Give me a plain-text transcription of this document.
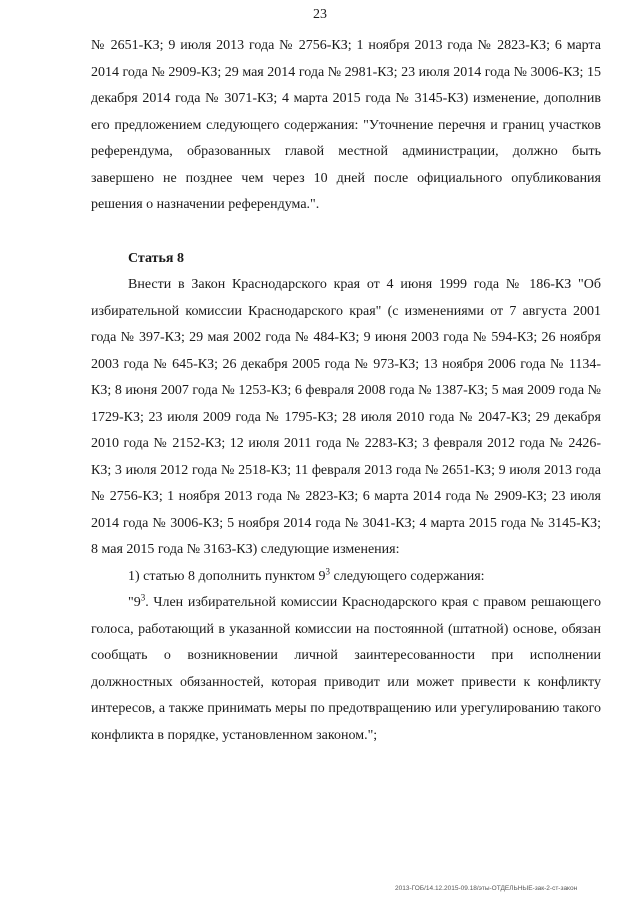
23

№ 2651-КЗ; 9 июля 2013 года № 2756-КЗ; 1 ноября 2013 года № 2823-КЗ; 6 марта 2014 года № 2909-КЗ; 29 мая 2014 года № 2981-КЗ; 23 июля 2014 года № 3006-КЗ; 15 декабря 2014 года № 3071-КЗ; 4 марта 2015 года № 3145-КЗ) изменение, дополнив его предложением следующего содержания: "Уточнение перечня и границ участков референдума, образованных главой местной администрации, должно быть завершено не позднее чем через 10 дней после официального опубликования решения о назначении референдума.".

Статья 8

Внести в Закон Краснодарского края от 4 июня 1999 года № 186-КЗ "Об избирательной комиссии Краснодарского края" (с изменениями от 7 августа 2001 года № 397-КЗ; 29 мая 2002 года № 484-КЗ; 9 июня 2003 года № 594-КЗ; 26 ноября 2003 года № 645-КЗ; 26 декабря 2005 года № 973-КЗ; 13 ноября 2006 года № 1134-КЗ; 8 июня 2007 года № 1253-КЗ; 6 февраля 2008 года № 1387-КЗ; 5 мая 2009 года № 1729-КЗ; 23 июля 2009 года № 1795-КЗ; 28 июля 2010 года № 2047-КЗ; 29 декабря 2010 года № 2152-КЗ; 12 июля 2011 года № 2283-КЗ; 3 февраля 2012 года № 2426-КЗ; 3 июля 2012 года № 2518-КЗ; 11 февраля 2013 года № 2651-КЗ; 9 июля 2013 года № 2756-КЗ; 1 ноября 2013 года № 2823-КЗ; 6 марта 2014 года № 2909-КЗ; 23 июля 2014 года № 3006-КЗ; 5 ноября 2014 года № 3041-КЗ; 4 марта 2015 года № 3145-КЗ; 8 мая 2015 года № 3163-КЗ) следующие изменения:

1) статью 8 дополнить пунктом $9^3$ следующего содержания:

"$9^3$. Член избирательной комиссии Краснодарского края с правом решающего голоса, работающий в указанной комиссии на постоянной (штатной) основе, обязан сообщать о возникновении личной заинтересованности при исполнении должностных обязанностей, которая приводит или может привести к конфликту интересов, а также принимать меры по предотвращению или урегулированию такого конфликта в порядке, установленном законом.";

2013-ГОБ/14.12.2015-09.18/эты-ОТДЕЛЬНЫЕ-зак-2-ст-закон
